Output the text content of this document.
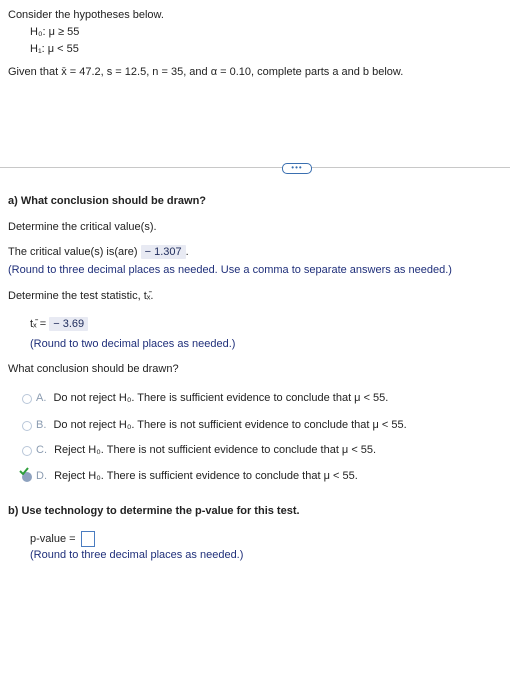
Consider the hypotheses below.
H₀: μ ≥ 55
H₁: μ < 55
Given that x̄ = 47.2, s = 12.5, n = 35, and α = 0.10, complete parts a and b below.
•••
a) What conclusion should be drawn?
Determine the critical value(s).
The critical value(s) is(are) − 1.307 .
(Round to three decimal places as needed. Use a comma to separate answers as needed.)
Determine the test statistic, tₓ̄.
tₓ̄ = − 3.69
(Round to two decimal places as needed.)
What conclusion should be drawn?
A. Do not reject H₀. There is sufficient evidence to conclude that μ < 55.
B. Do not reject H₀. There is not sufficient evidence to conclude that μ < 55.
C. Reject H₀. There is not sufficient evidence to conclude that μ < 55.
D. Reject H₀. There is sufficient evidence to conclude that μ < 55.
b) Use technology to determine the p-value for this test.
p-value =
(Round to three decimal places as needed.)
